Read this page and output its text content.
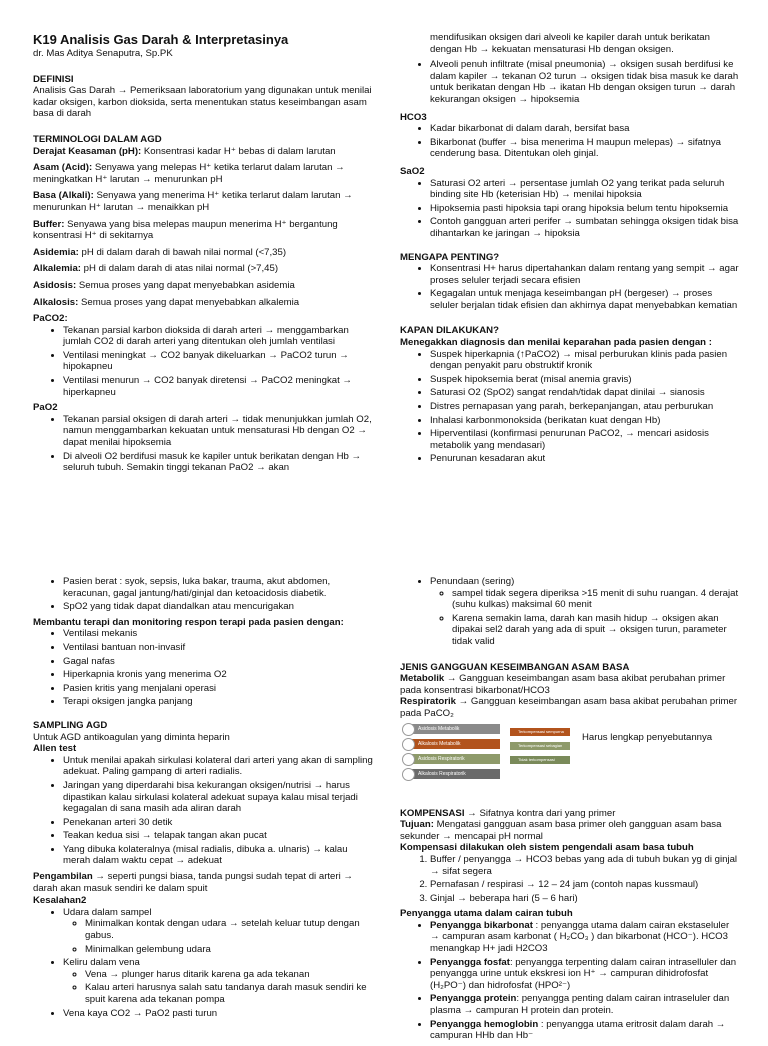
K19 Analisis Gas Darah & Interpretasinya
dr. Mas Aditya Senaputra, Sp.PK
DEFINISI
Analisis Gas Darah → Pemeriksaan laboratorium yang digunakan untuk menilai kadar oksigen, karbon dioksida, serta menentukan status keseimbangan asam basa di darah
TERMINOLOGI DALAM AGD
Derajat Keasaman (pH): Konsentrasi kadar H⁺ bebas di dalam larutan
Asam (Acid): Senyawa yang melepas H⁺ ketika terlarut dalam larutan → meningkatkan H⁺ larutan → menurunkan pH
Basa (Alkali): Senyawa yang menerima H⁺ ketika terlarut dalam larutan → menurunkan H⁺ larutan → menaikkan pH
Buffer: Senyawa yang bisa melepas maupun menerima H⁺ bergantung konsentrasi H⁺ di sekitarnya
Asidemia: pH di dalam darah di bawah nilai normal (<7,35)
Alkalemia: pH di dalam darah di atas nilai normal (>7,45)
Asidosis: Semua proses yang dapat menyebabkan asidemia
Alkalosis: Semua proses yang dapat menyebabkan alkalemia
PaCO2:
• Tekanan parsial karbon dioksida di darah arteri → menggambarkan jumlah CO2 di darah arteri yang ditentukan oleh jumlah ventilasi
• Ventilasi meningkat → CO2 banyak dikeluarkan → PaCO2 turun → hipokapneu
• Ventilasi menurun → CO2 banyak diretensi → PaCO2 meningkat → hiperkapneu
PaO2
• Tekanan parsial oksigen di darah arteri → tidak menunjukkan jumlah O2, namun menggambarkan kekuatan untuk mensaturasi Hb dengan O2 → dapat menilai hipoksemia
• Di alveoli O2 berdifusi masuk ke kapiler untuk berikatan dengan Hb → seluruh tubuh. Semakin tinggi tekanan PaO2 → akan
mendifusikan oksigen dari alveoli ke kapiler darah untuk berikatan dengan Hb → kekuatan mensaturasi Hb dengan oksigen.
• Alveoli penuh infiltrate (misal pneumonia) → oksigen susah berdifusi ke dalam kapiler → tekanan O2 turun → oksigen tidak bisa masuk ke darah untuk berikatan dengan Hb → ikatan Hb dengan oksigen turun → darah kekurangan oksigen → hipoksemia
HCO3
• Kadar bikarbonat di dalam darah, bersifat basa
• Bikarbonat (buffer → bisa menerima H maupun melepas) → sifatnya cenderung basa. Ditentukan oleh ginjal.
SaO2
• Saturasi O2 arteri → persentase jumlah O2 yang terikat pada seluruh binding site Hb (keterisian Hb) → menilai hipoksia
• Hipoksemia pasti hipoksia tapi orang hipoksia belum tentu hipoksemia
• Contoh gangguan arteri perifer → sumbatan sehingga oksigen tidak bisa dihantarkan ke jaringan → hipoksia
MENGAPA PENTING?
• Konsentrasi H+ harus dipertahankan dalam rentang yang sempit → agar proses seluler terjadi secara efisien
• Kegagalan untuk menjaga keseimbangan pH (bergeser) → proses seluler berjalan tidak efisien dan akhirnya dapat menyebabkan kematian
KAPAN DILAKUKAN?
Menegakkan diagnosis dan menilai keparahan pada pasien dengan :
• Suspek hiperkapnia (↑PaCO2) → misal perburukan klinis pada pasien dengan penyakit paru obstruktif kronik
• Suspek hipoksemia berat (misal anemia gravis)
• Saturasi O2 (SpO2) sangat rendah/tidak dapat dinilai → sianosis
• Distres pernapasan yang parah, berkepanjangan, atau perburukan
• Inhalasi karbonmonoksida (berikatan kuat dengan Hb)
• Hiperventilasi (konfirmasi penurunan PaCO2, → mencari asidosis metabolik yang mendasari)
• Penurunan kesadaran akut
• Pasien berat : syok, sepsis, luka bakar, trauma, akut abdomen, keracunan, gagal jantung/hati/ginjal dan ketoacidosis diabetik.
• SpO2 yang tidak dapat diandalkan atau mencurigakan
Membantu terapi dan monitoring respon terapi pada pasien dengan:
• Ventilasi mekanis
• Ventilasi bantuan non-invasif
• Gagal nafas
• Hiperkapnia kronis yang menerima O2
• Pasien kritis yang menjalani operasi
• Terapi oksigen jangka panjang
SAMPLING AGD
Untuk AGD antikoagulan yang diminta heparin
Allen test
• Untuk menilai apakah sirkulasi kolateral dari arteri yang akan di sampling adekuat. Paling gampang di arteri radialis.
• Jaringan yang diperdarahi bisa kekurangan oksigen/nutrisi → harus dipastikan kalau sirkulasi kolateral adekuat supaya kalau misal terjadi kegagalan di sana masih ada aliran darah
• Penekanan arteri 30 detik
• Teakan kedua sisi → telapak tangan akan pucat
• Yang dibuka kolateralnya (misal radialis, dibuka a. ulnaris) → kalau merah dalam waktu cepat → adekuat
Pengambilan → seperti pungsi biasa, tanda pungsi sudah tepat di arteri → darah akan masuk sendiri ke dalam spuit
Kesalahan2
• Udara dalam sampel
◦ Minimalkan kontak dengan udara → setelah keluar tutup dengan gabus.
◦ Minimalkan gelembung udara
• Keliru dalam vena
◦ Vena → plunger harus ditarik karena ga ada tekanan
◦ Kalau arteri harusnya salah satu tandanya darah masuk sendiri ke spuit karena ada tekanan pompa
• Vena kaya CO2 → PaO2 pasti turun
• Penundaan (sering)
◦ sampel tidak segera diperiksa >15 menit di suhu ruangan. 4 derajat (suhu kulkas) maksimal 60 menit
◦ Karena semakin lama, darah kan masih hidup → oksigen akan dipakai sel2 darah yang ada di spuit → oksigen turun, parameter tidak valid
JENIS GANGGUAN KESEIMBANGAN ASAM BASA
Metabolik → Gangguan keseimbangan asam basa akibat perubahan primer pada konsentrasi bikarbonat/HCO3
Respiratorik → Gangguan keseimbangan asam basa akibat perubahan primer pada PaCO₂
Asidosis Metabolik
Alkalosis Metabolik
Asidosis Respiratorik
Alkalosis Respiratorik
Terkompensasi sempurna
Terkompensasi sebagian
Tidak terkompensasi
Harus lengkap penyebutannya
KOMPENSASI → Sifatnya kontra dari yang primer
Tujuan: Mengatasi gangguan asam basa primer oleh gangguan asam basa sekunder → mencapai pH normal
Kompensasi dilakukan oleh sistem pengendali asam basa tubuh
1. Buffer / penyangga → HCO3 bebas yang ada di tubuh bukan yg di ginjal → sifat segera
2. Pernafasan / respirasi → 12 – 24 jam (contoh napas kussmaul)
3. Ginjal → beberapa hari (5 – 6 hari)
Penyangga utama dalam cairan tubuh
• Penyangga bikarbonat : penyangga utama dalam cairan ekstaseluler → campuran asam karbonat ( H₂CO₃ ) dan bikarbonat (HCO⁻). HCO3 menangkap H+ jadi H2CO3
• Penyangga fosfat: penyangga terpenting dalam cairan intraselluler dan penyangga urine untuk ekskresi ion H⁺ → campuran dihidrofosfat (H₂PO⁻) dan hidrofosfat (HPO²⁻)
• Penyangga protein: penyangga penting dalam cairan intraseluler dan plasma → campuran H protein dan protein.
• Penyangga hemoglobin : penyangga utama eritrosit dalam darah → campuran HHb dan Hb⁻
